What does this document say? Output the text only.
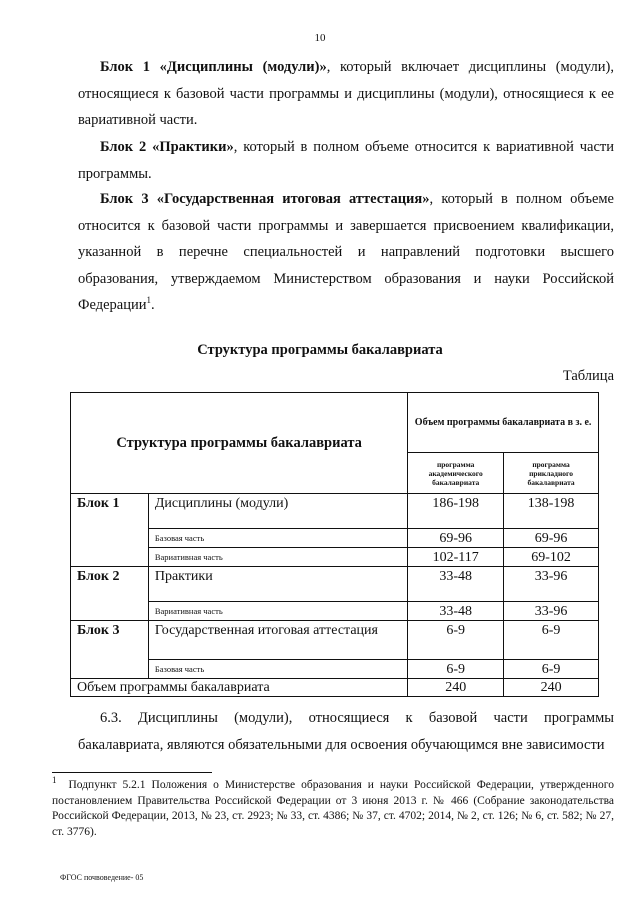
10
Блок 1 «Дисциплины (модули)», который включает дисциплины (модули), относящиеся к базовой части программы и дисциплины (модули), относящиеся к ее вариативной части.
Блок 2 «Практики», который в полном объеме относится к вариативной части программы.
Блок 3 «Государственная итоговая аттестация», который в полном объеме относится к базовой части программы и завершается присвоением квалификации, указанной в перечне специальностей и направлений подготовки высшего образования, утверждаемом Министерством образования и науки Российской Федерации$^1$.
Структура программы бакалавриата
Таблица
Структура программы бакалавриата		Объем программы бакалавриата в з. е.	
		программа академического бакалавриата	программа прикладного бакалавриата
Блок 1	Дисциплины (модули)	186-198	138-198
	Базовая часть	69-96	69-96
	Вариативная часть	102-117	69-102
Блок 2	Практики	33-48	33-96
	Вариативная часть	33-48	33-96
Блок 3	Государственная итоговая аттестация	6-9	6-9
	Базовая часть	6-9	6-9
Объем программы бакалавриата		240	240
6.3. Дисциплины (модули), относящиеся к базовой части программы бакалавриата, являются обязательными для освоения обучающимся вне зависимости
$^1$ Подпункт 5.2.1 Положения о Министерстве образования и науки Российской Федерации, утвержденного постановлением Правительства Российской Федерации от 3 июня 2013 г. № 466 (Собрание законодательства Российской Федерации, 2013, № 23, ст. 2923; № 33, ст. 4386; № 37, ст. 4702; 2014, № 2, ст. 126; № 6, ст. 582; № 27, ст. 3776).
ФГОС почвоведение- 05
